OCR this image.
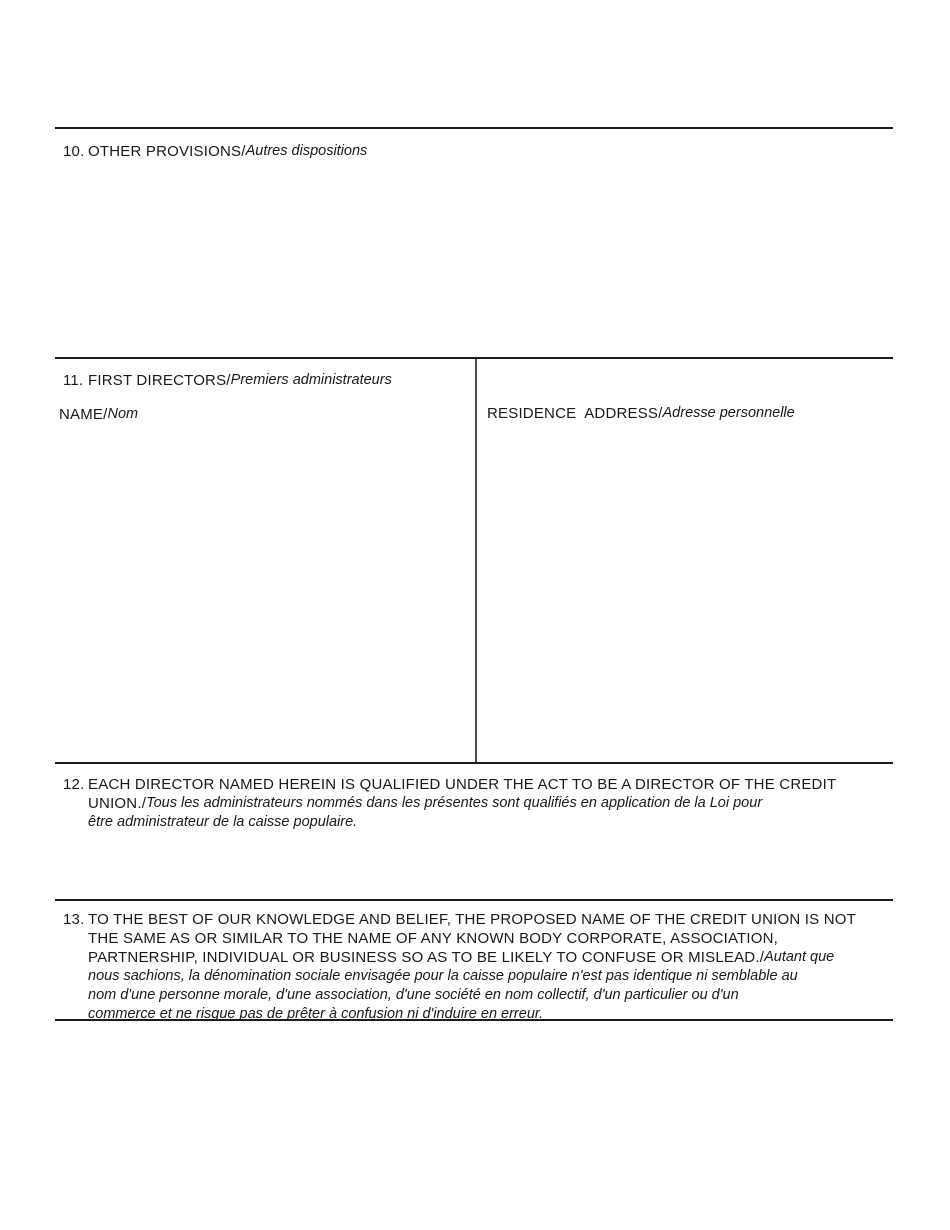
10. OTHER PROVISIONS/ Autres dispositions
11. FIRST DIRECTORS/ Premiers administrateurs
NAME/ Nom	RESIDENCE  ADDRESS/ Adresse personnelle
12. EACH DIRECTOR NAMED HEREIN IS QUALIFIED UNDER THE ACT TO BE A DIRECTOR OF THE CREDIT
UNION./ Tous les administrateurs nommés dans les présentes sont qualifiés en application de la Loi pour
être administrateur de la caisse populaire.
13. TO THE BEST OF OUR KNOWLEDGE AND BELIEF, THE PROPOSED NAME OF THE CREDIT UNION IS NOT
THE SAME AS OR SIMILAR TO THE NAME OF ANY KNOWN BODY CORPORATE, ASSOCIATION,
PARTNERSHIP, INDIVIDUAL OR BUSINESS SO AS TO BE LIKELY TO CONFUSE OR MISLEAD./ Autant que
nous sachions, la dénomination sociale envisagée pour la caisse populaire n'est pas identique ni semblable au
nom d'une personne morale, d'une association, d'une société en nom collectif, d'un particulier ou d'un
commerce et ne risque pas de prêter à confusion ni d'induire en erreur.
